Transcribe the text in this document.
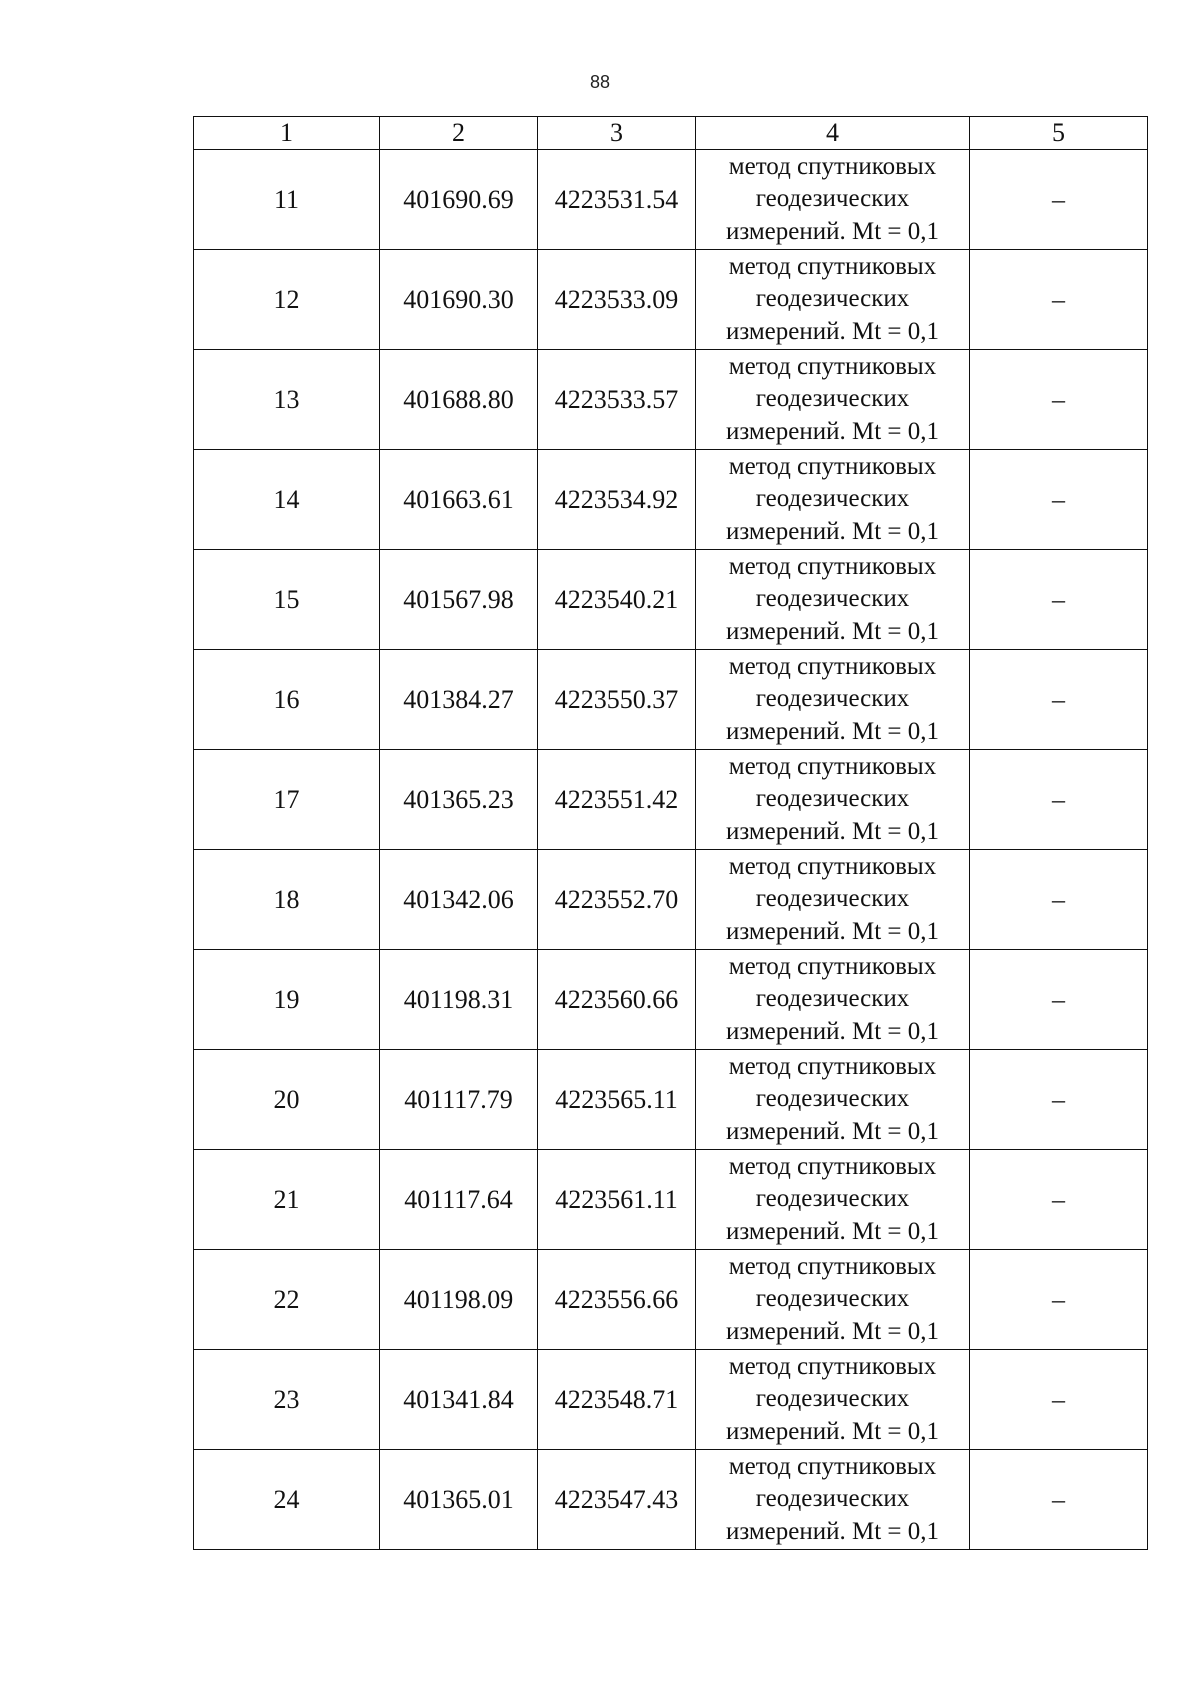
88
1	2	3	4	5
11	401690.69	4223531.54	метод спутниковых
геодезических
измерений. Mt = 0,1	–
12	401690.30	4223533.09	метод спутниковых
геодезических
измерений. Mt = 0,1	–
13	401688.80	4223533.57	метод спутниковых
геодезических
измерений. Mt = 0,1	–
14	401663.61	4223534.92	метод спутниковых
геодезических
измерений. Mt = 0,1	–
15	401567.98	4223540.21	метод спутниковых
геодезических
измерений. Mt = 0,1	–
16	401384.27	4223550.37	метод спутниковых
геодезических
измерений. Mt = 0,1	–
17	401365.23	4223551.42	метод спутниковых
геодезических
измерений. Mt = 0,1	–
18	401342.06	4223552.70	метод спутниковых
геодезических
измерений. Mt = 0,1	–
19	401198.31	4223560.66	метод спутниковых
геодезических
измерений. Mt = 0,1	–
20	401117.79	4223565.11	метод спутниковых
геодезических
измерений. Mt = 0,1	–
21	401117.64	4223561.11	метод спутниковых
геодезических
измерений. Mt = 0,1	–
22	401198.09	4223556.66	метод спутниковых
геодезических
измерений. Mt = 0,1	–
23	401341.84	4223548.71	метод спутниковых
геодезических
измерений. Mt = 0,1	–
24	401365.01	4223547.43	метод спутниковых
геодезических
измерений. Mt = 0,1	–
